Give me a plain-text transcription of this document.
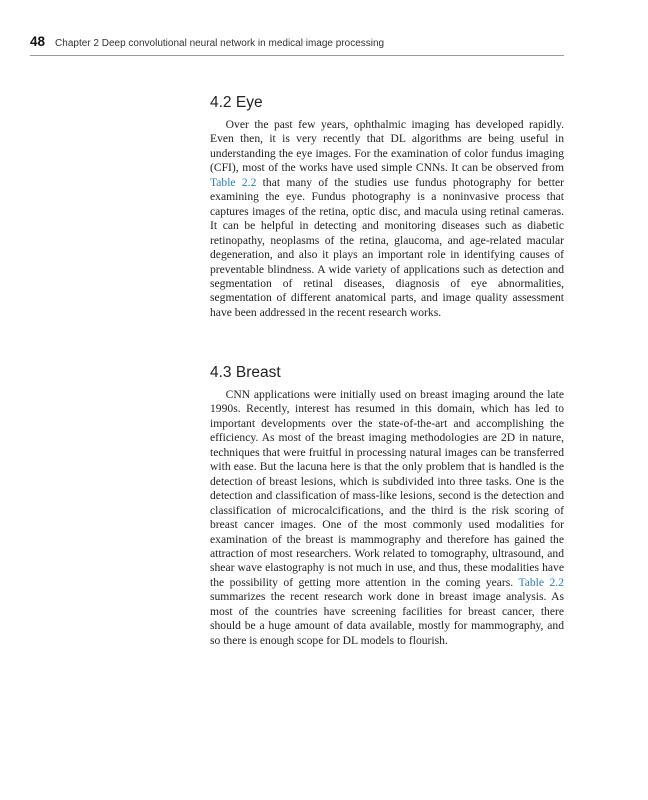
48 Chapter 2 Deep convolutional neural network in medical image processing
4.2 Eye

Over the past few years, ophthalmic imaging has developed rapidly. Even then, it is very recently that DL algorithms are being useful in understanding the eye images. For the examination of color fundus imaging (CFI), most of the works have used simple CNNs. It can be observed from Table 2.2 that many of the studies use fundus photography for better examining the eye. Fundus photography is a noninvasive process that captures images of the retina, optic disc, and macula using retinal cameras. It can be helpful in detecting and monitoring diseases such as diabetic retinopathy, neoplasms of the retina, glaucoma, and age-related macular degeneration, and also it plays an important role in identifying causes of preventable blindness. A wide variety of applications such as detection and segmentation of retinal diseases, diagnosis of eye abnormalities, segmentation of different anatomical parts, and image quality assessment have been addressed in the recent research works.

4.3 Breast

CNN applications were initially used on breast imaging around the late 1990s. Recently, interest has resumed in this domain, which has led to important developments over the state-of-the-art and accomplishing the efficiency. As most of the breast imaging methodologies are 2D in nature, techniques that were fruitful in processing natural images can be transferred with ease. But the lacuna here is that the only problem that is handled is the detection of breast lesions, which is subdivided into three tasks. One is the detection and classification of mass-like lesions, second is the detection and classification of microcalcifications, and the third is the risk scoring of breast cancer images. One of the most commonly used modalities for examination of the breast is mammography and therefore has gained the attraction of most researchers. Work related to tomography, ultrasound, and shear wave elastography is not much in use, and thus, these modalities have the possibility of getting more attention in the coming years. Table 2.2 summarizes the recent research work done in breast image analysis. As most of the countries have screening facilities for breast cancer, there should be a huge amount of data available, mostly for mammography, and so there is enough scope for DL models to flourish.
